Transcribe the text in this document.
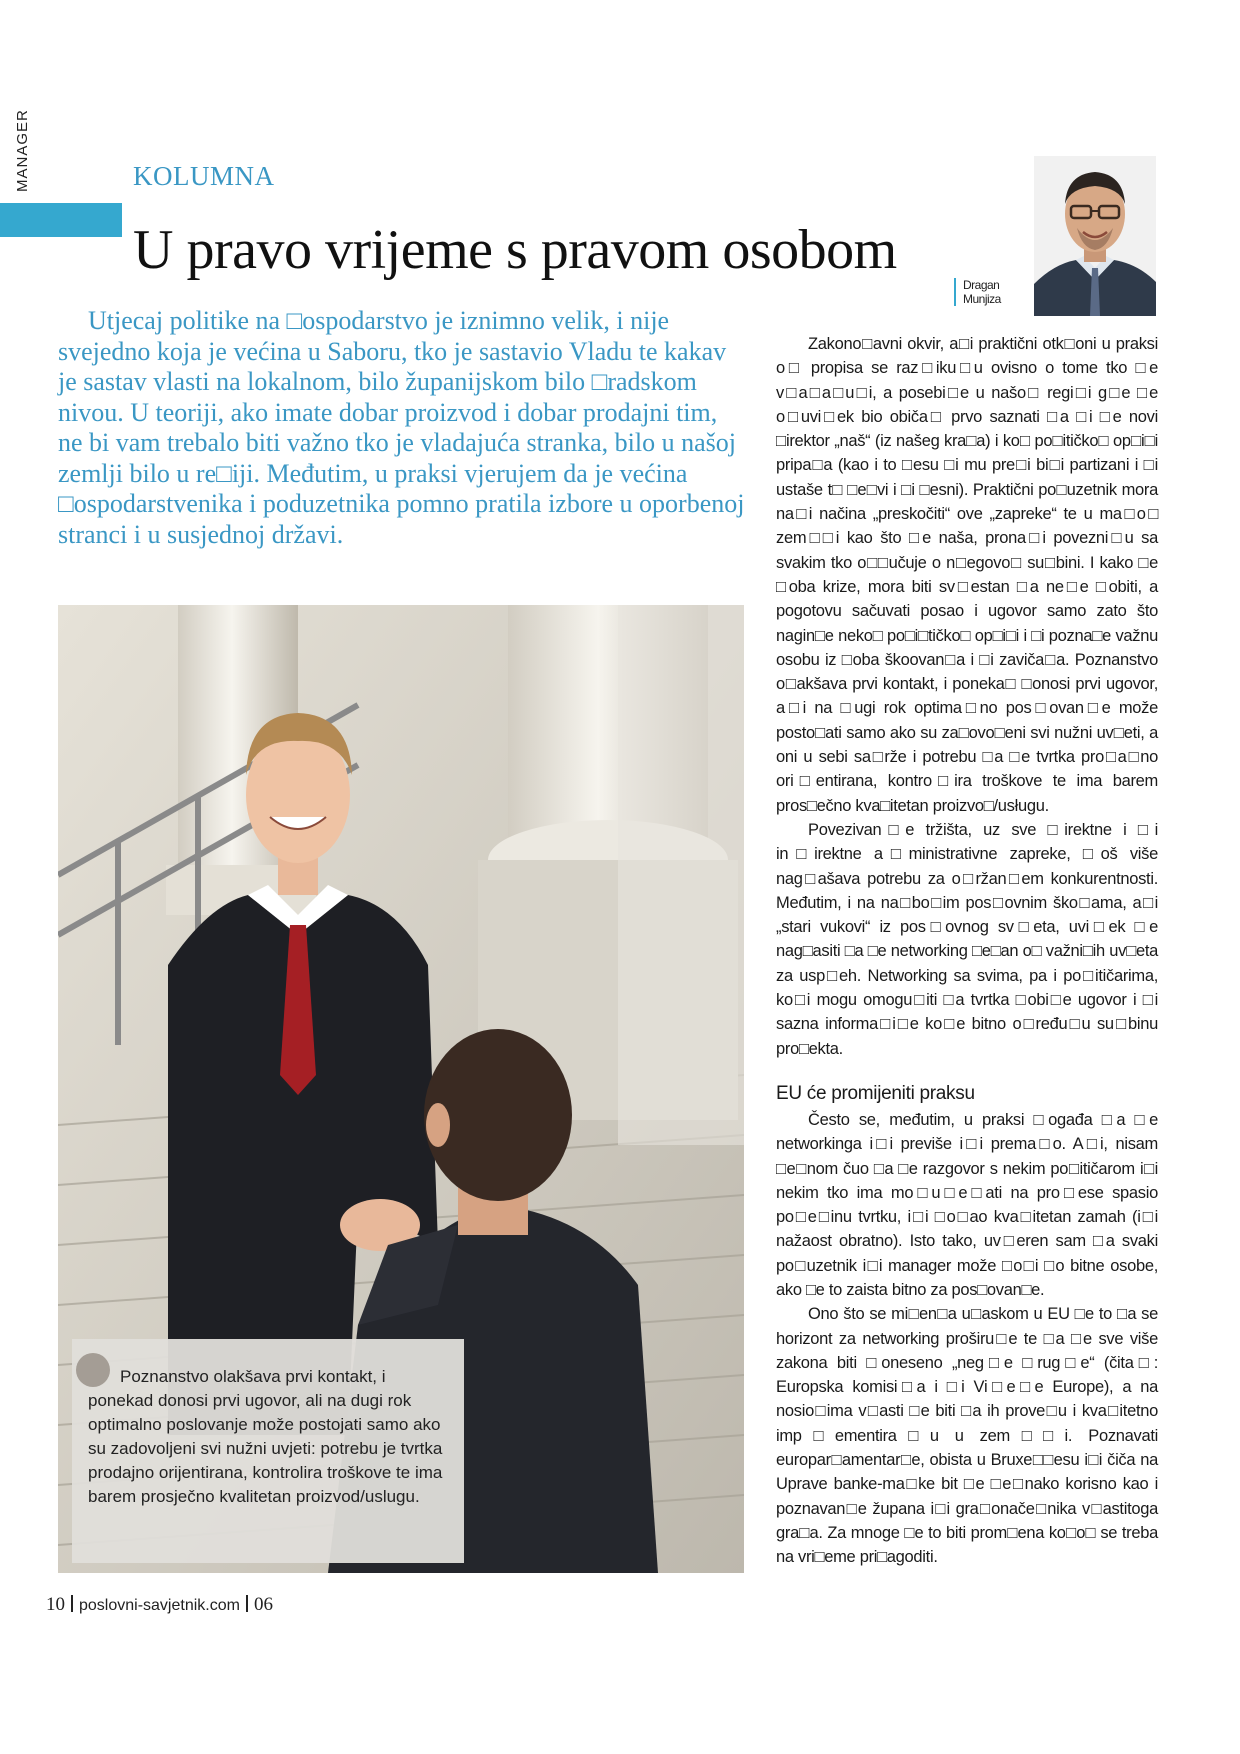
MANAGER	KOLUMNA
U pravo vrijeme s pravom osobom

Utjecaj politike na □ospodarstvo je iznimno velik, i nije svejedno koja je većina u Saboru, tko je sastavio Vladu te kakav je sastav vlasti na lokalnom, bilo županijskom bilo □radskom nivou. U teoriji, ako imate dobar proizvod i dobar prodajni tim, ne bi vam trebalo biti važno tko je vladajuća stranka, bilo u našoj zemlji bilo u re□iji. Međutim, u praksi vjerujem da je većina □ospodarstvenika i poduzetnika pomno pratila izbore u oporbenoj stranci i u susjednoj državi.

Dragan
Munjiza
Poznanstvo olakšava prvi kontakt, i ponekad donosi prvi ugovor, ali na dugi rok optimalno poslovanje može postojati samo ako su zadovoljeni svi nužni uvjeti: potrebu je tvrtka prodajno orijentirana, kontrolira troškove te ima barem prosječno kvalitetan proizvod/uslugu.

Zakono□avni okvir, a□i praktični otk□oni u praksi o□ propisa se raz□iku□u ovisno o tome tko □e v□a□a□u□i, a posebi□e u našo□ regi□i g□e □e o□uvi□ek bio običa□ prvo saznati □a □i □e novi □irektor „naš“ (iz našeg kra□a) i ko□ po□itičko□ op□i□i pripa□a (kao i to □esu □i mu pre□i bi□i partizani i □i ustaše t□ □e□vi i □i □esni). Praktični po□uzetnik mora na□i načina „preskočiti“ ove „zapreke“ te u ma□o□ zem□□i kao što □e naša, prona□i povezni□u sa svakim tko o□□učuje o n□egovo□ su□bini. I kako □e □oba krize, mora biti sv□estan □a ne□e □obiti, a pogotovu sačuvati posao i ugovor samo zato što nagin□e neko□ po□i□tičko□ op□i□i i □i pozna□e važnu osobu iz □oba škoovan□a i □i zaviča□a. Poznanstvo o□akšava prvi kontakt, i poneka□ □onosi prvi ugovor, a□i na □ugi rok optima□no pos□ovan□e može posto□ati samo ako su za□ovo□eni svi nužni uv□eti, a oni u sebi sa□rže i potrebu □a □e tvrtka pro□a□no ori□entirana, kontro□ira troškove te ima barem pros□ečno kva□itetan proizvo□/usługu.

Povezivan□e tržišta, uz sve □irektne i □i in□irektne a□ministrativne zapreke, □oš više nag□ašava potrebu za o□ržan□em konkurentnosti. Međutim, i na na□bo□im pos□ovnim ško□ama, a□i „stari vukovi“ iz pos□ovnog sv□eta, uvi□ek □e nag□asiti □a □e networking □e□an o□ važni□ih uv□eta za usp□eh. Networking sa svima, pa i po□itičarima, ko□i mogu omogu□iti □a tvrtka □obi□e ugovor i □i sazna informa□i□e ko□e bitno o□ređu□u su□binu pro□ekta.

EU će promijeniti praksu

Često se, međutim, u praksi □ogađa □a □e networkinga i□i previše i□i prema□o. A□i, nisam □e□nom čuo □a □e razgovor s nekim po□itičarom i□i nekim tko ima mo□u□e□ati na pro□ese spasio po□e□inu tvrtku, i□i □o□ao kva□itetan zamah (i□i nažaost obratno). Isto tako, uv□eren sam □a svaki po□uzetnik i□i manager može □o□i □o bitne osobe, ako □e to zaista bitno za pos□ovan□e.

Ono što se mi□en□a u□askom u EU □e to □a se horizont za networking proširu□e te □a □e sve više zakona biti □oneseno „neg□e □rug□e“ (čita□: Europska komisi□a i □i Vi□e□e Europe), a na nosio□ima v□asti □e biti □a ih prove□u i kva□itetno imp□ementira□u u zem□□i. Poznavati europar□amentar□e, obista u Bruxe□□esu i□i čiča na Uprave banke-ma□ke bit □e □e□nako korisno kao i poznavan□e župana i□i gra□onače□nika v□astitoga gra□a. Za mnoge □e to biti prom□ena ko□o□ se treba na vri□eme pri□agoditi.

10 poslovni-savjetnik.com 06
